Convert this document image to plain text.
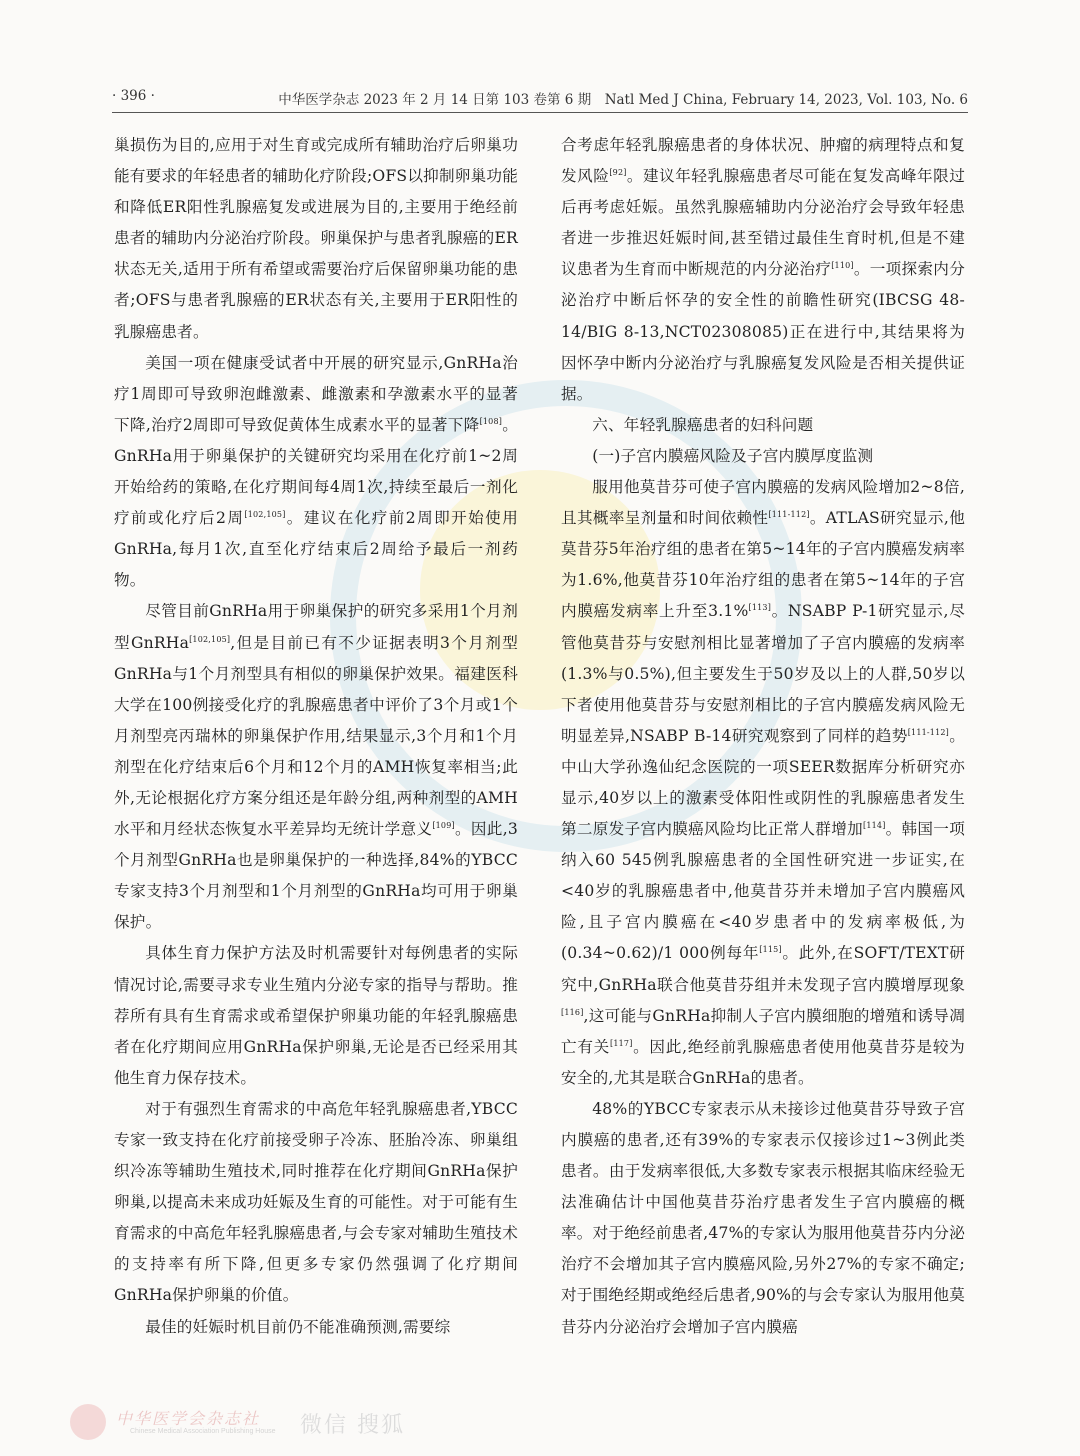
· 396 ·	中华医学杂志 2023 年 2 月 14 日第 103 卷第 6 期　Natl Med J China, February 14, 2023, Vol. 103, No. 6

巢损伤为目的,应用于对生育或完成所有辅助治疗后卵巢功能有要求的年轻患者的辅助化疗阶段;OFS以抑制卵巢功能和降低ER阳性乳腺癌复发或进展为目的,主要用于绝经前患者的辅助内分泌治疗阶段。卵巢保护与患者乳腺癌的ER状态无关,适用于所有希望或需要治疗后保留卵巢功能的患者;OFS与患者乳腺癌的ER状态有关,主要用于ER阳性的乳腺癌患者。

美国一项在健康受试者中开展的研究显示,GnRHa治疗1周即可导致卵泡雌激素、雌激素和孕激素水平的显著下降,治疗2周即可导致促黄体生成素水平的显著下降[108]。GnRHa用于卵巢保护的关键研究均采用在化疗前1~2周开始给药的策略,在化疗期间每4周1次,持续至最后一剂化疗前或化疗后2周[102,105]。建议在化疗前2周即开始使用GnRHa,每月1次,直至化疗结束后2周给予最后一剂药物。

尽管目前GnRHa用于卵巢保护的研究多采用1个月剂型GnRHa[102,105],但是目前已有不少证据表明3个月剂型GnRHa与1个月剂型具有相似的卵巢保护效果。福建医科大学在100例接受化疗的乳腺癌患者中评价了3个月或1个月剂型亮丙瑞林的卵巢保护作用,结果显示,3个月和1个月剂型在化疗结束后6个月和12个月的AMH恢复率相当;此外,无论根据化疗方案分组还是年龄分组,两种剂型的AMH水平和月经状态恢复水平差异均无统计学意义[109]。因此,3个月剂型GnRHa也是卵巢保护的一种选择,84%的YBCC专家支持3个月剂型和1个月剂型的GnRHa均可用于卵巢保护。

具体生育力保护方法及时机需要针对每例患者的实际情况讨论,需要寻求专业生殖内分泌专家的指导与帮助。推荐所有具有生育需求或希望保护卵巢功能的年轻乳腺癌患者在化疗期间应用GnRHa保护卵巢,无论是否已经采用其他生育力保存技术。

对于有强烈生育需求的中高危年轻乳腺癌患者,YBCC专家一致支持在化疗前接受卵子冷冻、胚胎冷冻、卵巢组织冷冻等辅助生殖技术,同时推荐在化疗期间GnRHa保护卵巢,以提高未来成功妊娠及生育的可能性。对于可能有生育需求的中高危年轻乳腺癌患者,与会专家对辅助生殖技术的支持率有所下降,但更多专家仍然强调了化疗期间GnRHa保护卵巢的价值。

最佳的妊娠时机目前仍不能准确预测,需要综

合考虑年轻乳腺癌患者的身体状况、肿瘤的病理特点和复发风险[92]。建议年轻乳腺癌患者尽可能在复发高峰年限过后再考虑妊娠。虽然乳腺癌辅助内分泌治疗会导致年轻患者进一步推迟妊娠时间,甚至错过最佳生育时机,但是不建议患者为生育而中断规范的内分泌治疗[110]。一项探索内分泌治疗中断后怀孕的安全性的前瞻性研究(IBCSG 48-14/BIG 8-13,NCT02308085)正在进行中,其结果将为因怀孕中断内分泌治疗与乳腺癌复发风险是否相关提供证据。

六、年轻乳腺癌患者的妇科问题

(一)子宫内膜癌风险及子宫内膜厚度监测

服用他莫昔芬可使子宫内膜癌的发病风险增加2~8倍,且其概率呈剂量和时间依赖性[111-112]。ATLAS研究显示,他莫昔芬5年治疗组的患者在第5~14年的子宫内膜癌发病率为1.6%,他莫昔芬10年治疗组的患者在第5~14年的子宫内膜癌发病率上升至3.1%[113]。NSABP P-1研究显示,尽管他莫昔芬与安慰剂相比显著增加了子宫内膜癌的发病率(1.3%与0.5%),但主要发生于50岁及以上的人群,50岁以下者使用他莫昔芬与安慰剂相比的子宫内膜癌发病风险无明显差异,NSABP B-14研究观察到了同样的趋势[111-112]。中山大学孙逸仙纪念医院的一项SEER数据库分析研究亦显示,40岁以上的激素受体阳性或阴性的乳腺癌患者发生第二原发子宫内膜癌风险均比正常人群增加[114]。韩国一项纳入60 545例乳腺癌患者的全国性研究进一步证实,在<40岁的乳腺癌患者中,他莫昔芬并未增加子宫内膜癌风险,且子宫内膜癌在<40岁患者中的发病率极低,为(0.34~0.62)/1 000例每年[115]。此外,在SOFT/TEXT研究中,GnRHa联合他莫昔芬组并未发现子宫内膜增厚现象[116],这可能与GnRHa抑制人子宫内膜细胞的增殖和诱导凋亡有关[117]。因此,绝经前乳腺癌患者使用他莫昔芬是较为安全的,尤其是联合GnRHa的患者。

48%的YBCC专家表示从未接诊过他莫昔芬导致子宫内膜癌的患者,还有39%的专家表示仅接诊过1~3例此类患者。由于发病率很低,大多数专家表示根据其临床经验无法准确估计中国他莫昔芬治疗患者发生子宫内膜癌的概率。对于绝经前患者,47%的专家认为服用他莫昔芬内分泌治疗不会增加其子宫内膜癌风险,另外27%的专家不确定;对于围绝经期或绝经后患者,90%的与会专家认为服用他莫昔芬内分泌治疗会增加子宫内膜癌

中华医学会杂志社
Chinese Medical Association Publishing House 微信 搜狐
